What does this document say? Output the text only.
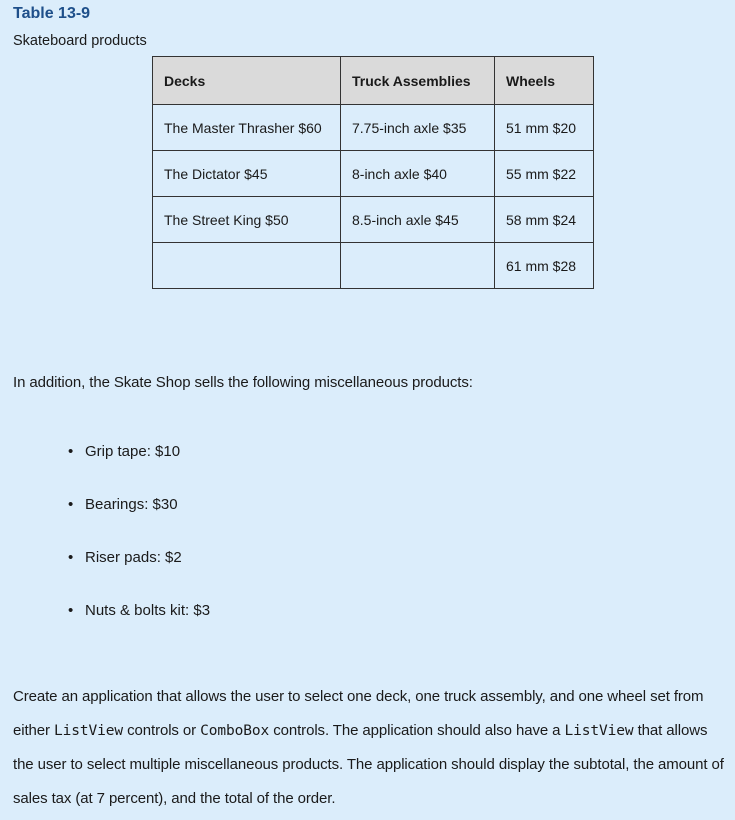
Table 13-9
Skateboard products
Decks	Truck Assemblies	Wheels
The Master Thrasher $60	7.75-inch axle $35	51 mm $20
The Dictator $45	8-inch axle $40	55 mm $22
The Street King $50	8.5-inch axle $45	58 mm $24
		61 mm $28
In addition, the Skate Shop sells the following miscellaneous products:
• Grip tape: $10
• Bearings: $30
• Riser pads: $2
• Nuts & bolts kit: $3
Create an application that allows the user to select one deck, one truck assembly, and one wheel set from either ListView controls or ComboBox controls. The application should also have a ListView that allows the user to select multiple miscellaneous products. The application should display the subtotal, the amount of sales tax (at 7 percent), and the total of the order.
